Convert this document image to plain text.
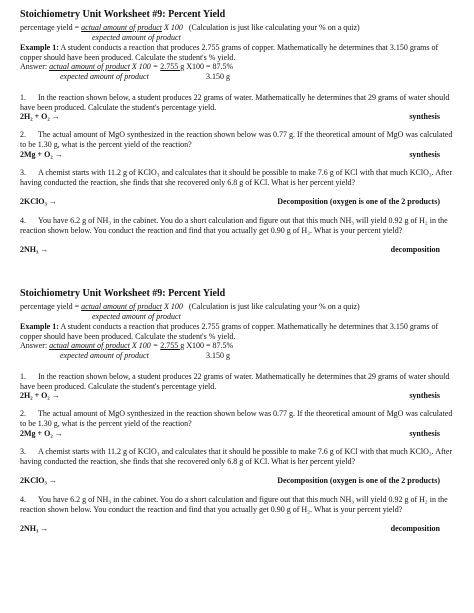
Stoichiometry Unit Worksheet #9: Percent Yield
percentage yield = actual amount of product X 100 (Calculation is just like calculating your % on a quiz)
expected amount of product
Example 1: A student conducts a reaction that produces 2.755 grams of copper. Mathematically he determines that 3.150 grams of copper should have been produced. Calculate the student's % yield.
Answer: actual amount of product X 100 = 2.755 g X100 = 87.5%
expected amount of product	3.150 g
1. In the reaction shown below, a student produces 22 grams of water. Mathematically he determines that 29 grams of water should have been produced. Calculate the student's percentage yield.
2H₂ + O₂ →	synthesis
2. The actual amount of MgO synthesized in the reaction shown below was 0.77 g. If the theoretical amount of MgO was calculated to be 1.30 g, what is the percent yield of the reaction?
2Mg + O₂ →	synthesis
3. A chemist starts with 11.2 g of KClO₃ and calculates that it should be possible to make 7.6 g of KCl with that much KClO₃. After having conducted the reaction, she finds that she recovered only 6.8 g of KCl. What is her percent yield?
2KClO₃ →	Decomposition (oxygen is one of the 2 products)
4. You have 6.2 g of NH₃ in the cabinet. You do a short calculation and figure out that this much NH₃ will yield 0.92 g of H₂ in the reaction shown below. You conduct the reaction and find that you actually get 0.90 g of H₂. What is your percent yield?
2NH₃ →	decomposition
Stoichiometry Unit Worksheet #9: Percent Yield
percentage yield = actual amount of product X 100 (Calculation is just like calculating your % on a quiz)
expected amount of product
Example 1: A student conducts a reaction that produces 2.755 grams of copper. Mathematically he determines that 3.150 grams of copper should have been produced. Calculate the student's % yield.
Answer: actual amount of product X 100 = 2.755 g X100 = 87.5%
expected amount of product	3.150 g
1. In the reaction shown below, a student produces 22 grams of water. Mathematically he determines that 29 grams of water should have been produced. Calculate the student's percentage yield.
2H₂ + O₂ →	synthesis
2. The actual amount of MgO synthesized in the reaction shown below was 0.77 g. If the theoretical amount of MgO was calculated to be 1.30 g, what is the percent yield of the reaction?
2Mg + O₂ →	synthesis
3. A chemist starts with 11.2 g of KClO₃ and calculates that it should be possible to make 7.6 g of KCl with that much KClO₃. After having conducted the reaction, she finds that she recovered only 6.8 g of KCl. What is her percent yield?
2KClO₃ →	Decomposition (oxygen is one of the 2 products)
4. You have 6.2 g of NH₃ in the cabinet. You do a short calculation and figure out that this much NH₃ will yield 0.92 g of H₂ in the reaction shown below. You conduct the reaction and find that you actually get 0.90 g of H₂. What is your percent yield?
2NH₃ →	decomposition
